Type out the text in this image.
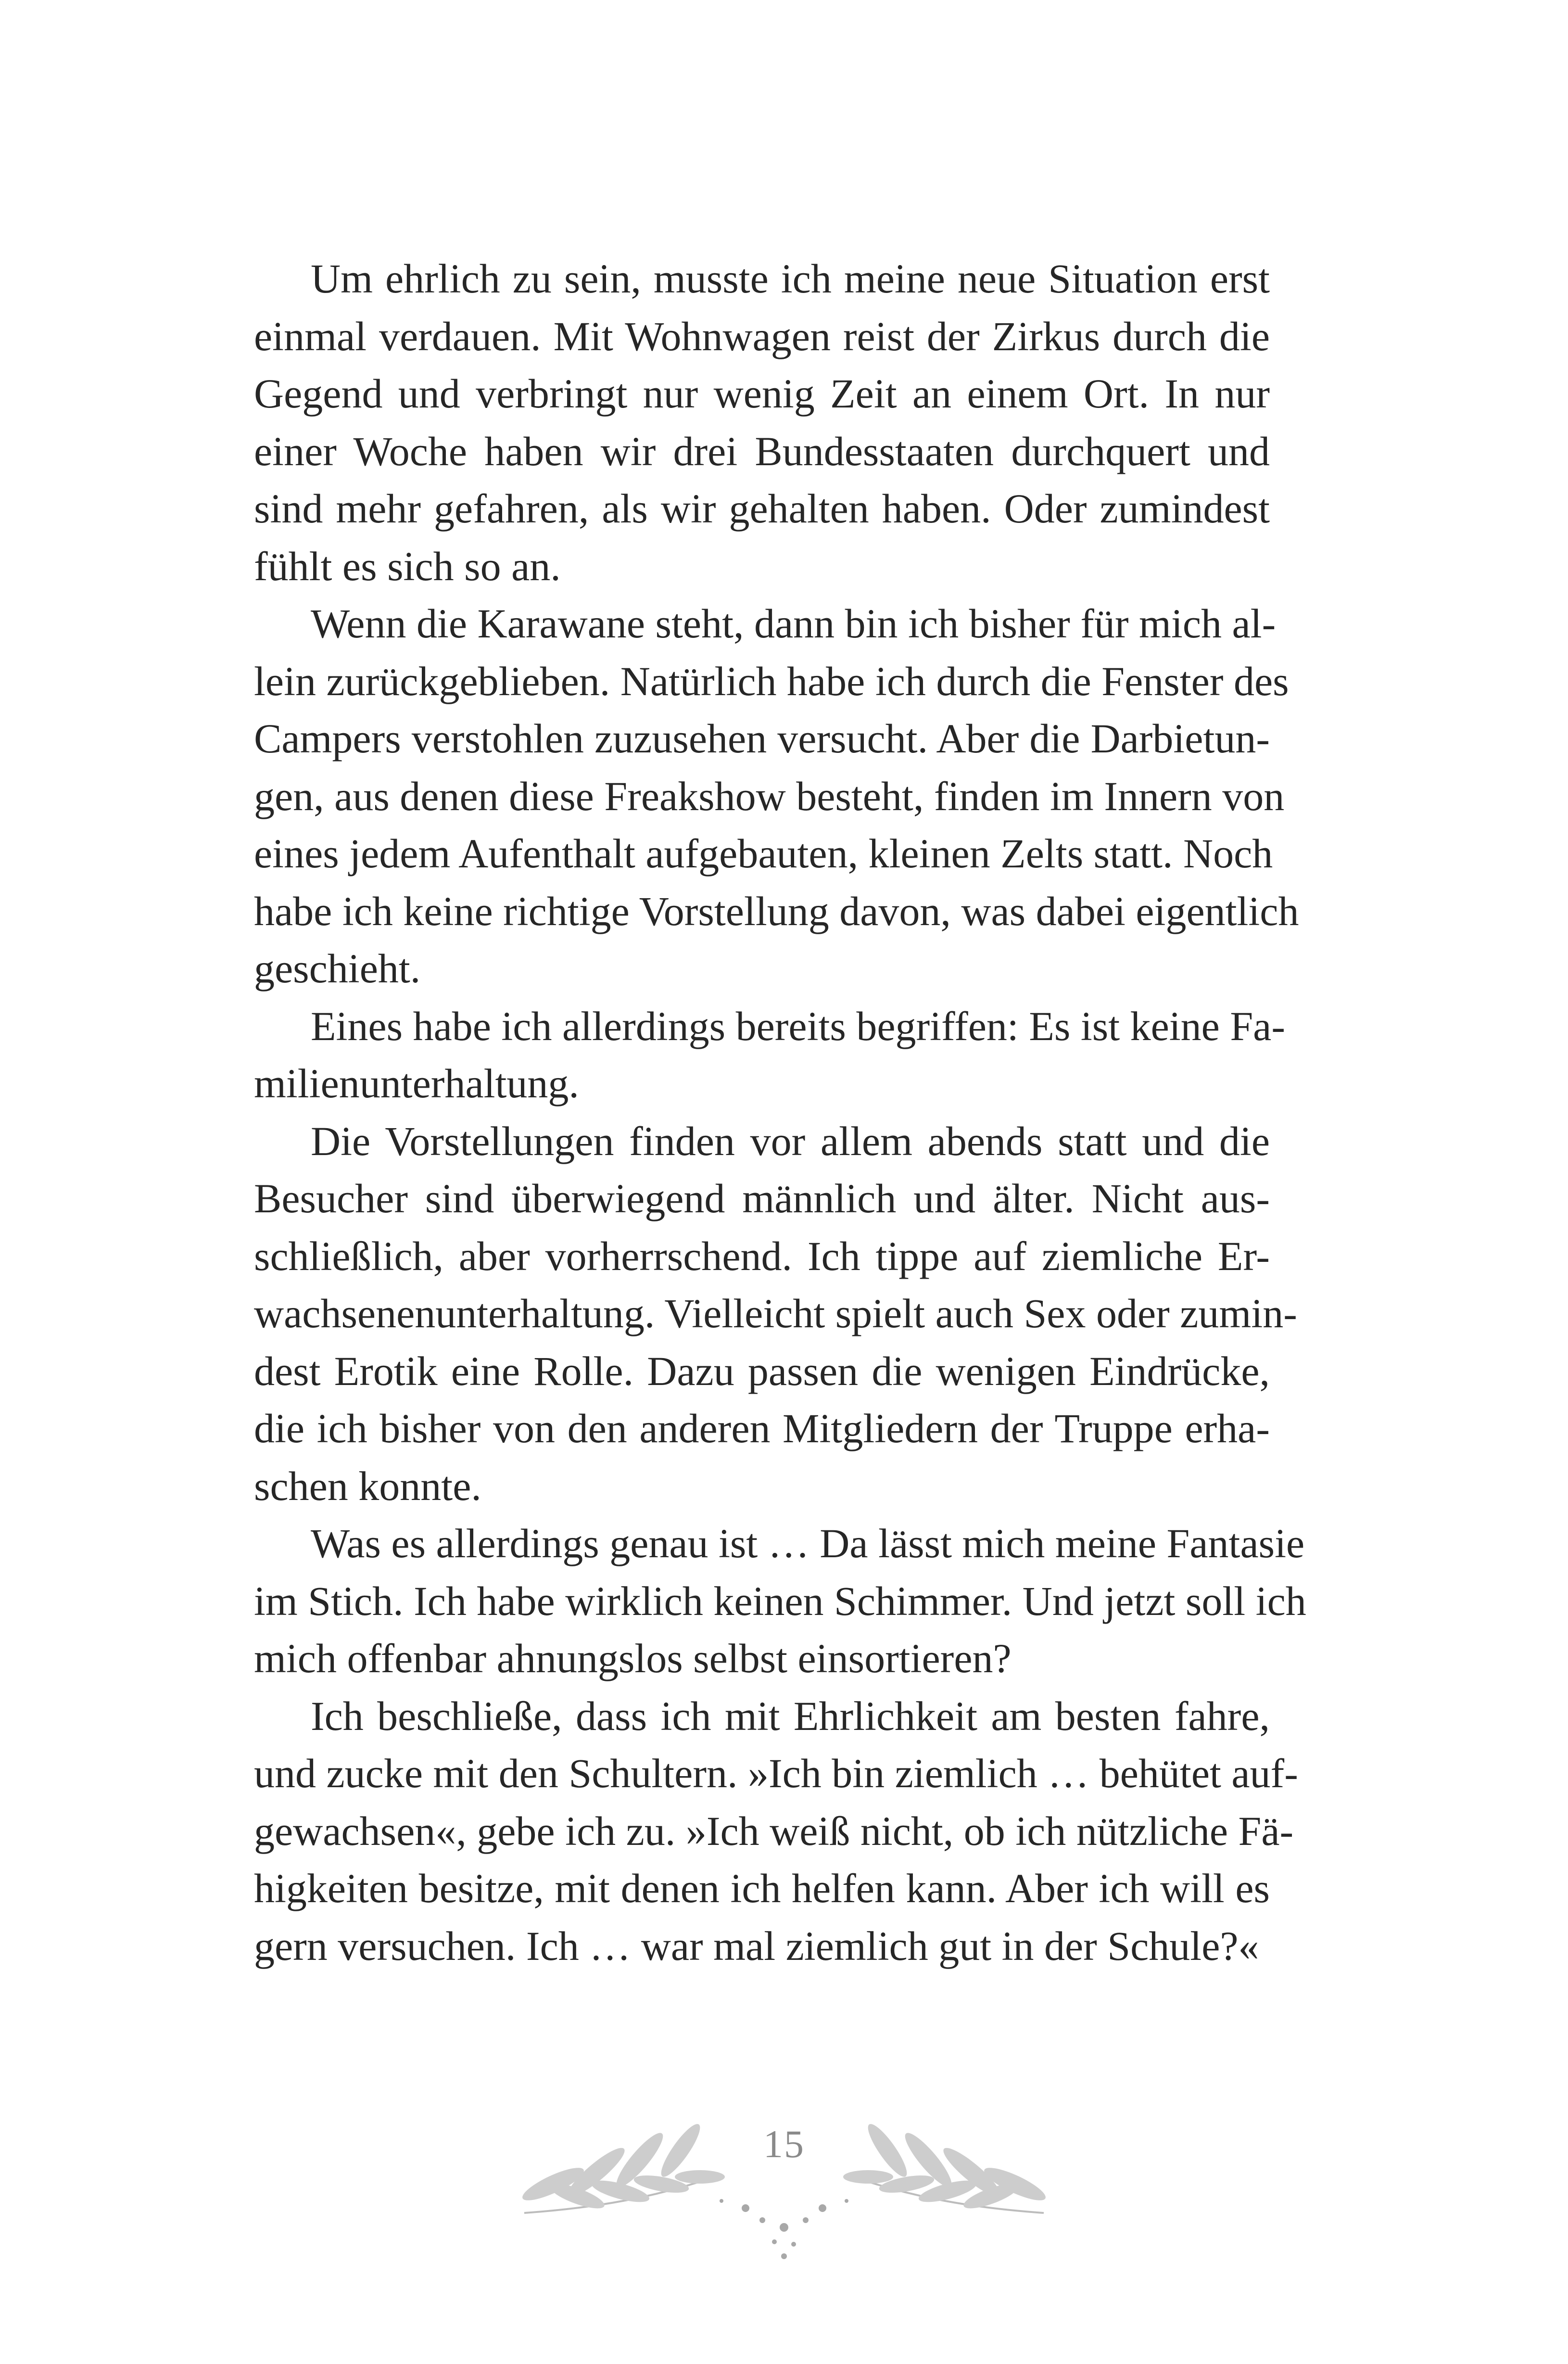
Um ehrlich zu sein, musste ich meine neue Situation erst
einmal verdauen. Mit Wohnwagen reist der Zirkus durch die
Gegend und verbringt nur wenig Zeit an einem Ort. In nur
einer Woche haben wir drei Bundesstaaten durchquert und
sind mehr gefahren, als wir gehalten haben. Oder zumindest
fühlt es sich so an.

Wenn die Karawane steht, dann bin ich bisher für mich al-
lein zurückgeblieben. Natürlich habe ich durch die Fenster des
Campers verstohlen zuzusehen versucht. Aber die Darbietun-
gen, aus denen diese Freakshow besteht, finden im Innern von
eines jedem Aufenthalt aufgebauten, kleinen Zelts statt. Noch
habe ich keine richtige Vorstellung davon, was dabei eigentlich
geschieht.

Eines habe ich allerdings bereits begriffen: Es ist keine Fa-
milienunterhaltung.

Die Vorstellungen finden vor allem abends statt und die
Besucher sind überwiegend männlich und älter. Nicht aus-
schließlich, aber vorherrschend. Ich tippe auf ziemliche Er-
wachsenenunterhaltung. Vielleicht spielt auch Sex oder zumin-
dest Erotik eine Rolle. Dazu passen die wenigen Eindrücke,
die ich bisher von den anderen Mitgliedern der Truppe erha-
schen konnte.

Was es allerdings genau ist … Da lässt mich meine Fantasie
im Stich. Ich habe wirklich keinen Schimmer. Und jetzt soll ich
mich offenbar ahnungslos selbst einsortieren?

Ich beschließe, dass ich mit Ehrlichkeit am besten fahre,
und zucke mit den Schultern. »Ich bin ziemlich … behütet auf-
gewachsen«, gebe ich zu. »Ich weiß nicht, ob ich nützliche Fä-
higkeiten besitze, mit denen ich helfen kann. Aber ich will es
gern versuchen. Ich … war mal ziemlich gut in der Schule?«

15
